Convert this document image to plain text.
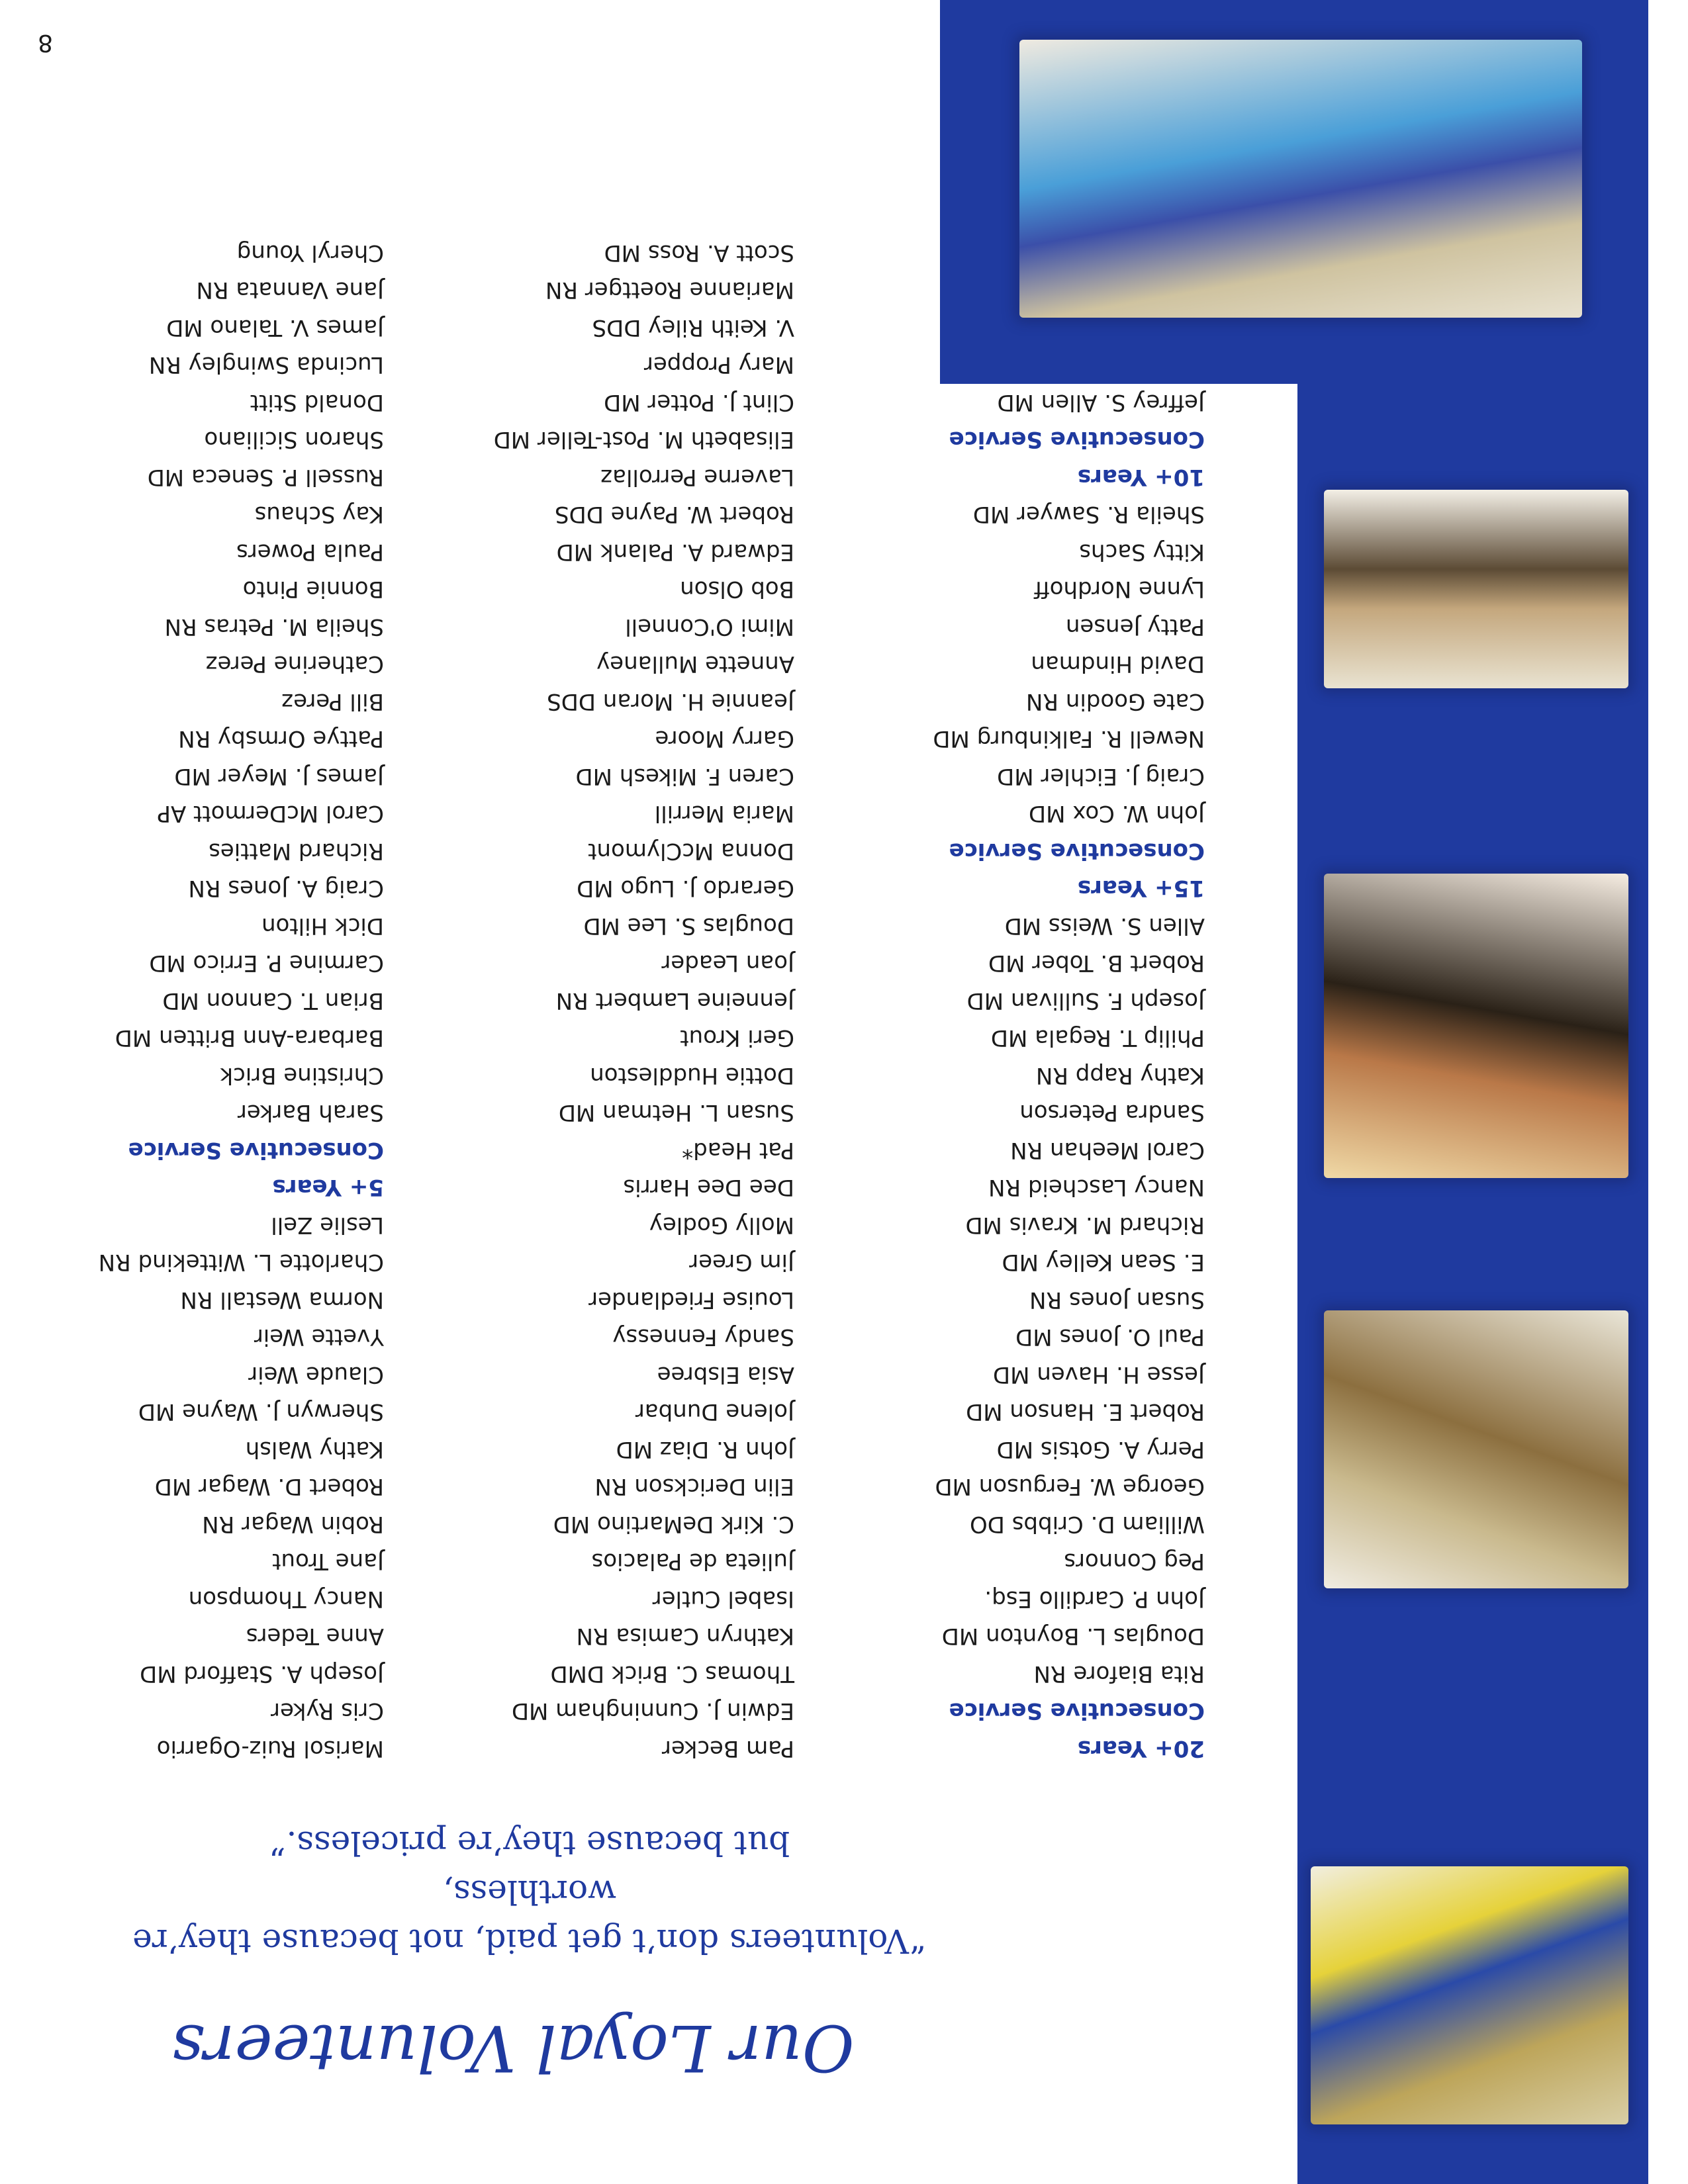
Our Loyal Volunteers

“Volunteers don’t get paid, not because they’re worthless,
but because they’re priceless.”

20+ Years
Consecutive Service
Rita Biafore RN
Douglas L. Boynton MD
John P. Cardillo Esq.
Peg Connors
William D. Cribbs DO
George W. Ferguson MD
Perry A. Gotsis MD
Robert E. Hanson MD
Jesse H. Haven MD
Paul O. Jones MD
Susan Jones RN
E. Sean Kelley MD
Richard M. Kravis MD
Nancy Lascheid RN
Carol Meehan RN
Sandra Peterson
Kathy Rapp RN
Philip T. Regala MD
Joseph F. Sullivan MD
Robert B. Tober MD
Allen S. Weiss MD
15+ Years
Consecutive Service
John W. Cox MD
Craig J. Eichler MD
Newell R. Falkinburg MD
Cate Goodin RN
David Hindman
Patty Jensen
Lynne Nordhoff
Kitty Sachs
Sheila R. Sawyer MD
10+ Years
Consecutive Service
Jeffrey S. Allen MD
Pam Becker
Edwin J. Cunningham MD
Thomas C. Brick DMD
Kathryn Camisa RN
Isabel Cutler
Julieta de Palacios
C. Kirk DeMartino MD
Elin Derickson RN
John R. Diaz MD
Jolene Dunbar
Asia Elsbree
Sandy Fennessy
Louise Friedlander
Jim Greer
Molly Godley
Dee Dee Harris
Pat Head*
Susan L. Hetman MD
Dottie Huddleston
Geri Krout
Jenneine Lambert RN
Joan Leader
Douglas S. Lee MD
Gerardo J. Lugo MD
Donna McClymont
Maria Merrill
Caren F. Mikesh MD
Garry Moore
Jeannie H. Moran DDS
Annette Mullaney
Mimi O'Connell
Bob Olson
Edward A. Palank MD
Robert W. Payne DDS
Laverne Perrollaz
Elisabeth M. Post-Teller MD
Clint J. Potter MD
Mary Propper
V. Keith Riley DDS
Marianne Roettger RN
Scott A. Ross MD
Marisol Ruiz-Ogarrio
Cris Ryker
Joseph A. Stafford MD
Anne Teders
Nancy Thompson
Jane Trout
Robin Wagar RN
Robert D. Wagar MD
Kathy Walsh
Sherwyn J. Wayne MD
Claude Weir
Yvette Weir
Norma Westall RN
Charlotte L. Wittekind RN
Leslie Zell
5+ Years
Consecutive Service
Sarah Barker
Christine Brick
Barbara-Ann Britten MD
Brian T. Cannon MD
Carmine P. Errico MD
Dick Hilton
Craig A. Jones RN
Richard Matties
Carol McDermott AP
James J. Meyer MD
Pattye Ormsby RN
Bill Perez
Catherine Perez
Sheila M. Petras RN
Bonnie Pinto
Paula Powers
Kay Schaus
Russell P. Seneca MD
Sharon Siciliano
Donald Stitt
Lucinda Swingley RN
James V. Talano MD
Jane Vannata RN
Cheryl Young
8
